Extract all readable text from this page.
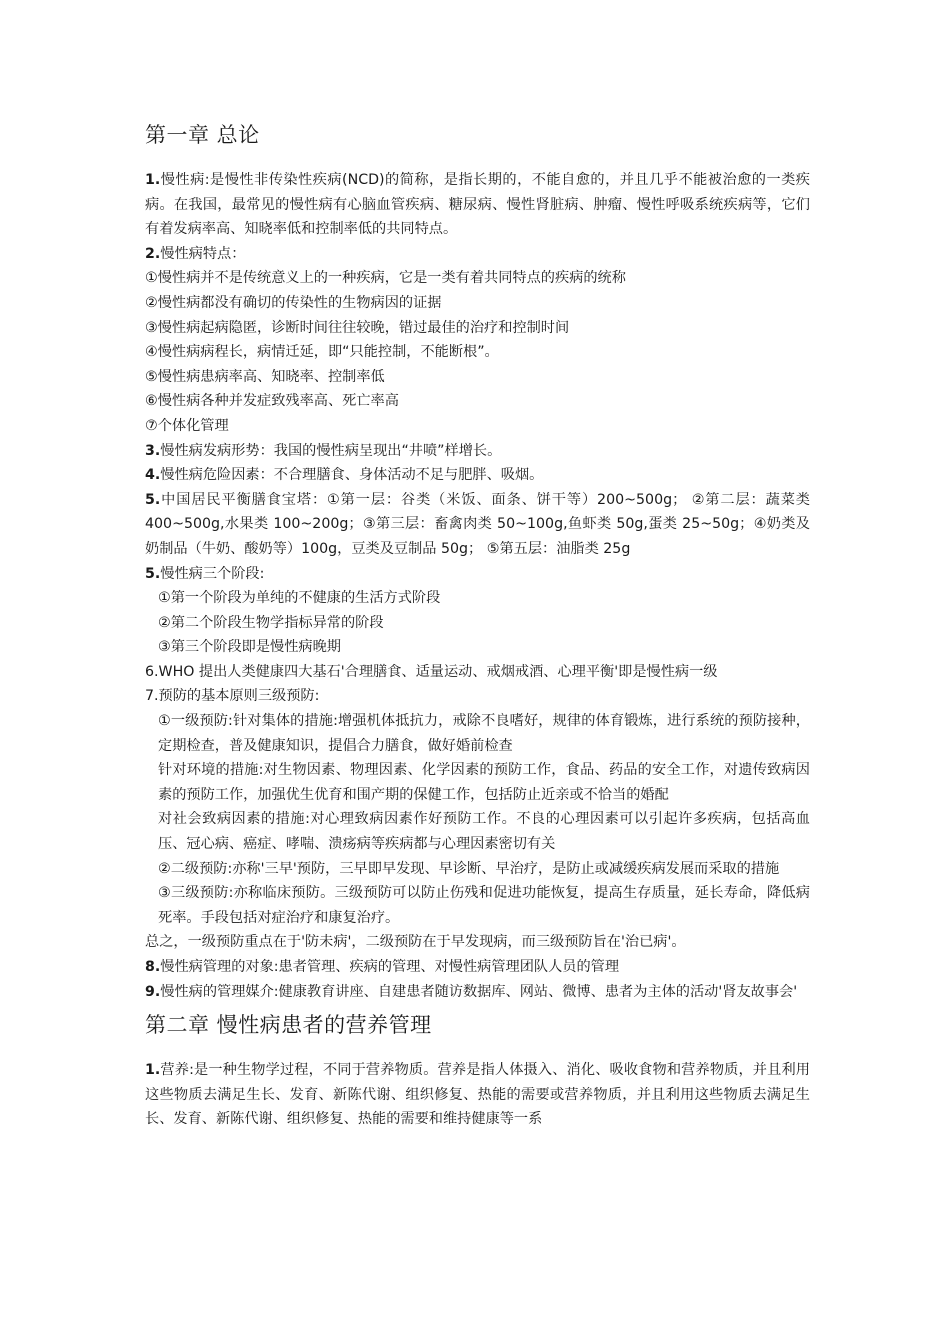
第一章 总论

1.慢性病:是慢性非传染性疾病(NCD)的简称，是指长期的，不能自愈的，并且几乎不能被治愈的一类疾病。在我国，最常见的慢性病有心脑血管疾病、糖尿病、慢性肾脏病、肿瘤、慢性呼吸系统疾病等，它们有着发病率高、知晓率低和控制率低的共同特点。

2.慢性病特点：

①慢性病并不是传统意义上的一种疾病，它是一类有着共同特点的疾病的统称

②慢性病都没有确切的传染性的生物病因的证据

③慢性病起病隐匿，诊断时间往往较晚，错过最佳的治疗和控制时间

④慢性病病程长，病情迁延，即“只能控制，不能断根”。

⑤慢性病患病率高、知晓率、控制率低

⑥慢性病各种并发症致残率高、死亡率高

⑦个体化管理

3.慢性病发病形势：我国的慢性病呈现出“井喷”样增长。

4.慢性病危险因素：不合理膳食、身体活动不足与肥胖、吸烟。

5.中国居民平衡膳食宝塔：①第一层：谷类（米饭、面条、饼干等）200~500g； ②第二层：蔬菜类 400~500g,水果类 100~200g；③第三层：畜禽肉类 50~100g,鱼虾类 50g,蛋类 25~50g；④奶类及奶制品（牛奶、酸奶等）100g，豆类及豆制品 50g； ⑤第五层：油脂类 25g

5.慢性病三个阶段:

①第一个阶段为单纯的不健康的生活方式阶段

②第二个阶段生物学指标异常的阶段

③第三个阶段即是慢性病晚期

6.WHO 提出人类健康四大基石'合理膳食、适量运动、戒烟戒酒、心理平衡'即是慢性病一级

7.预防的基本原则三级预防:

①一级预防:针对集体的措施:增强机体抵抗力，戒除不良嗜好，规律的体育锻炼，进行系统的预防接种，定期检查，普及健康知识，提倡合力膳食，做好婚前检查

针对环境的措施:对生物因素、物理因素、化学因素的预防工作，食品、药品的安全工作，对遗传致病因素的预防工作，加强优生优育和围产期的保健工作，包括防止近亲或不恰当的婚配

对社会致病因素的措施:对心理致病因素作好预防工作。不良的心理因素可以引起许多疾病，包括高血压、冠心病、癌症、哮喘、溃疡病等疾病都与心理因素密切有关

②二级预防:亦称'三早'预防，三早即早发现、早诊断、早治疗，是防止或减缓疾病发展而采取的措施

③三级预防:亦称临床预防。三级预防可以防止伤残和促进功能恢复，提高生存质量，延长寿命，降低病死率。手段包括对症治疗和康复治疗。

总之，一级预防重点在于'防未病'，二级预防在于早发现病，而三级预防旨在'治已病'。

8.慢性病管理的对象:患者管理、疾病的管理、对慢性病管理团队人员的管理

9.慢性病的管理媒介:健康教育讲座、自建患者随访数据库、网站、微博、患者为主体的活动'肾友故事会'

第二章 慢性病患者的营养管理

1.营养:是一种生物学过程，不同于营养物质。营养是指人体摄入、消化、吸收食物和营养物质，并且利用这些物质去满足生长、发育、新陈代谢、组织修复、热能的需要或营养物质，并且利用这些物质去满足生长、发育、新陈代谢、组织修复、热能的需要和维持健康等一系
